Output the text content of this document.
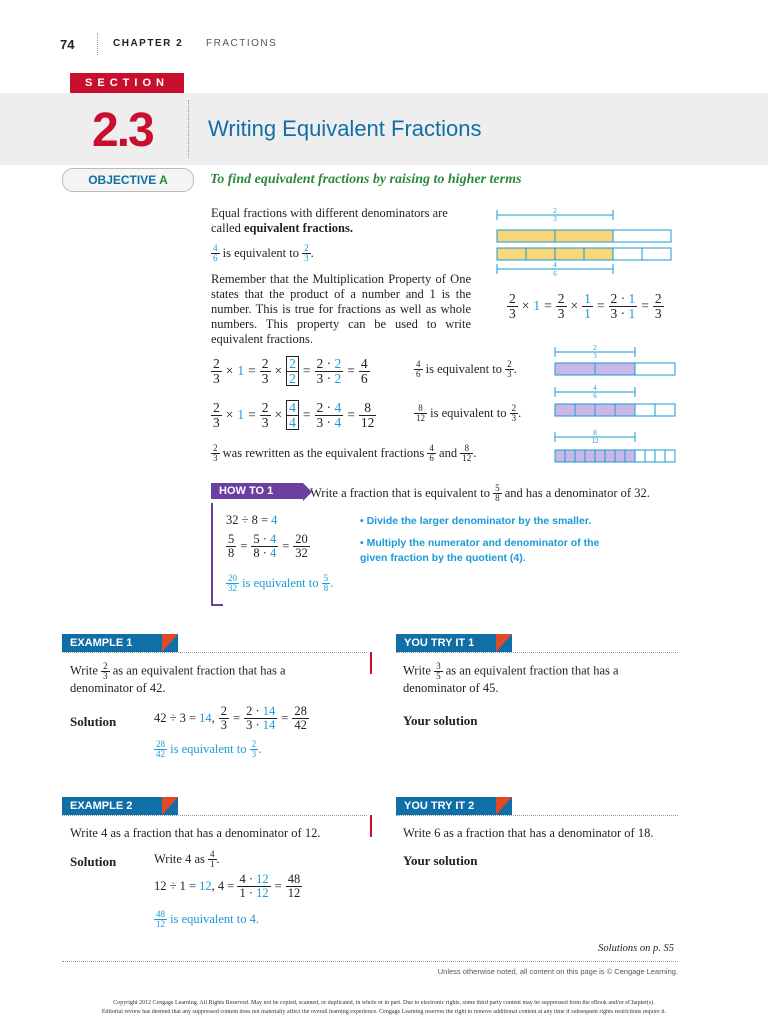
74	CHAPTER 2 FRACTIONS
SECTION
2.3	Writing Equivalent Fractions
OBJECTIVE A	To find equivalent fractions by raising to higher terms
Equal fractions with different denominators are called equivalent fractions.
$\frac{4}{6}$ is equivalent to $\frac{2}{3}$ .
Remember that the Multiplication Property of One states that the product of a number and 1 is the number. This is true for fractions as well as whole numbers. This property can be used to write equivalent fractions.
2
3
4
6
$\frac{2}{3} \times 1 = \frac{2}{3} \times \frac{1}{1} = \frac{2 \cdot 1}{3 \cdot 1} = \frac{2}{3}$
$\frac{2}{3} \times 1 = \frac{2}{3} \times \frac{2}{2} = \frac{2 \cdot 2}{3 \cdot 2} = \frac{4}{6}$	$\frac{4}{6}$ is equivalent to $\frac{2}{3}$ .
$\frac{2}{3} \times 1 = \frac{2}{3} \times \frac{4}{4} = \frac{2 \cdot 4}{3 \cdot 4} = \frac{8}{12}$	$\frac{8}{12}$ is equivalent to $\frac{2}{3}$ .
$\frac{2}{3}$ was rewritten as the equivalent fractions $\frac{4}{6}$ and $\frac{8}{12}$ .
2
3
4
6
8
12
HOW TO 1	Write a fraction that is equivalent to $\frac{5}{8}$ and has a denominator of 32.
32 ÷ 8 = 4
$\frac{5}{8} = \frac{5 \cdot 4}{8 \cdot 4} = \frac{20}{32}$
$\frac{20}{32}$ is equivalent to $\frac{5}{8}$ .
• Divide the larger denominator by the smaller.
• Multiply the numerator and denominator of the given fraction by the quotient (4).
EXAMPLE 1	YOU TRY IT 1
Write $\frac{2}{3}$ as an equivalent fraction that has a denominator of 42.
Solution	42 ÷ 3 = 14 , $\frac{2}{3} = \frac{2 \cdot 14}{3 \cdot 14} = \frac{28}{42}$
$\frac{28}{42}$ is equivalent to $\frac{2}{3}$ .
Write $\frac{3}{5}$ as an equivalent fraction that has a denominator of 45.
Your solution
EXAMPLE 2	YOU TRY IT 2
Write 4 as a fraction that has a denominator of 12.
Solution	Write 4 as $\frac{4}{1}$ .
12 ÷ 1 = 12 , $4 = \frac{4 \cdot 12}{1 \cdot 12} = \frac{48}{12}$
$\frac{48}{12}$ is equivalent to 4.
Write 6 as a fraction that has a denominator of 18.
Your solution
Solutions on p. S5
Unless otherwise noted, all content on this page is © Cengage Learning.
Copyright 2012 Cengage Learning. All Rights Reserved. May not be copied, scanned, or duplicated, in whole or in part. Due to electronic rights, some third party content may be suppressed from the eBook and/or eChapter(s).
Editorial review has deemed that any suppressed content does not materially affect the overall learning experience. Cengage Learning reserves the right to remove additional content at any time if subsequent rights restrictions require it.
